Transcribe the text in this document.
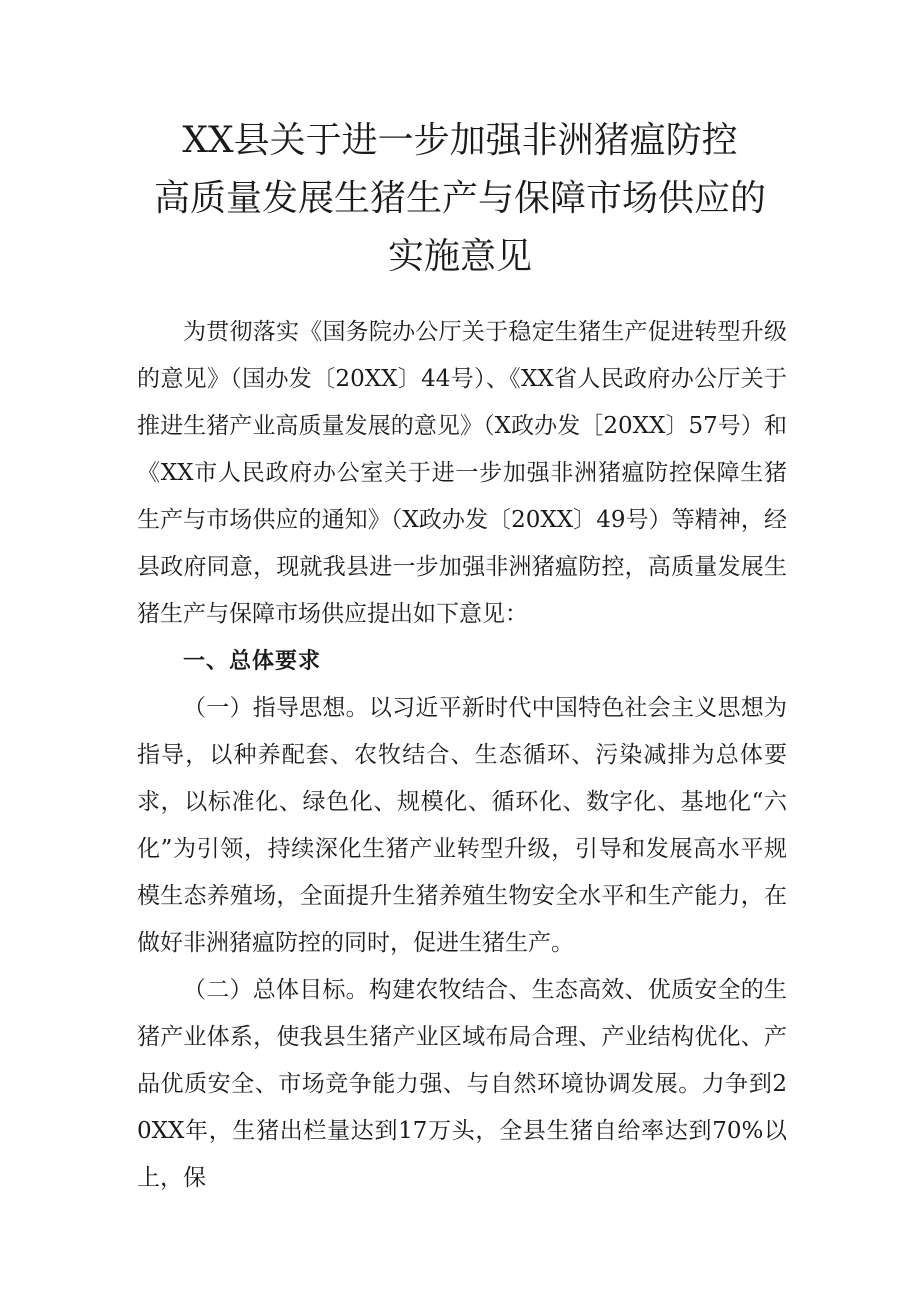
XX县关于进一步加强非洲猪瘟防控
高质量发展生猪生产与保障市场供应的
实施意见

为贯彻落实《国务院办公厅关于稳定生猪生产促进转型升级的意见》（国办发〔20XX〕44号）、《XX省人民政府办公厅关于推进生猪产业高质量发展的意见》（X政办发［20XX〕57号）和《XX市人民政府办公室关于进一步加强非洲猪瘟防控保障生猪生产与市场供应的通知》（X政办发〔20XX〕49号）等精神，经县政府同意，现就我县进一步加强非洲猪瘟防控，高质量发展生猪生产与保障市场供应提出如下意见：

一、总体要求

（一）指导思想。以习近平新时代中国特色社会主义思想为指导，以种养配套、农牧结合、生态循环、污染减排为总体要求，以标准化、绿色化、规模化、循环化、数字化、基地化“六化”为引领，持续深化生猪产业转型升级，引导和发展高水平规模生态养殖场，全面提升生猪养殖生物安全水平和生产能力，在做好非洲猪瘟防控的同时，促进生猪生产。

（二）总体目标。构建农牧结合、生态高效、优质安全的生猪产业体系，使我县生猪产业区域布局合理、产业结构优化、产品优质安全、市场竞争能力强、与自然环境协调发展。力争到20XX年，生猪出栏量达到17万头，全县生猪自给率达到70%以上，保
